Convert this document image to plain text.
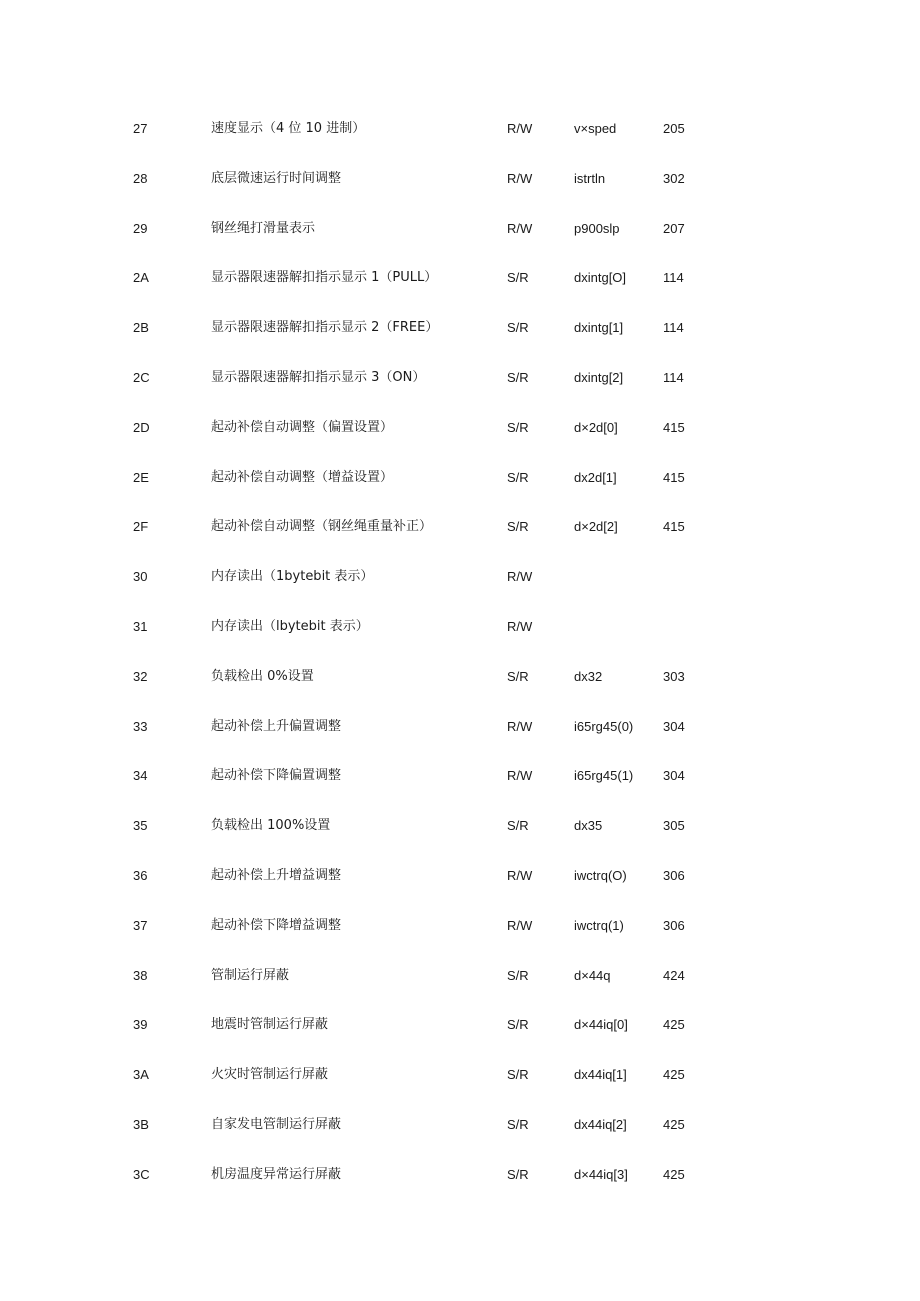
27	速度显示（4 位 10 进制）	R/W	v×sped	205
28	底层微速运行时间调整	R/W	istrtln	302
29	钢丝绳打滑量表示	R/W	p900slp	207
2A	显示器限速器解扣指示显示 1（PULL）	S/R	dxintg[O]	114
2B	显示器限速器解扣指示显示 2（FREE）	S/R	dxintg[1]	114
2C	显示器限速器解扣指示显示 3（ON）	S/R	dxintg[2]	114
2D	起动补偿自动调整（偏置设置）	S/R	d×2d[0]	415
2E	起动补偿自动调整（增益设置）	S/R	dx2d[1]	415
2F	起动补偿自动调整（钢丝绳重量补正）	S/R	d×2d[2]	415
30	内存读出（1bytebit 表示）	R/W
31	内存读出（lbytebit 表示）	R/W
32	负载检出 0%设置	S/R	dx32	303
33	起动补偿上升偏置调整	R/W	i65rg45(0) 304
34	起动补偿下降偏置调整	R/W	i65rg45(1) 304
35	负载检出 100%设置	S/R	dx35	305
36	起动补偿上升增益调整	R/W	iwctrq(O)	306
37	起动补偿下降增益调整	R/W	iwctrq(1)	306
38	管制运行屏蔽	S/R	d×44q	424
39	地震时管制运行屏蔽	S/R	d×44iq[0]	425
3A	火灾时管制运行屏蔽	S/R	dx44iq[1]	425
3B	自家发电管制运行屏蔽	S/R	dx44iq[2]	425
3C	机房温度异常运行屏蔽	S/R	d×44iq[3]	425
